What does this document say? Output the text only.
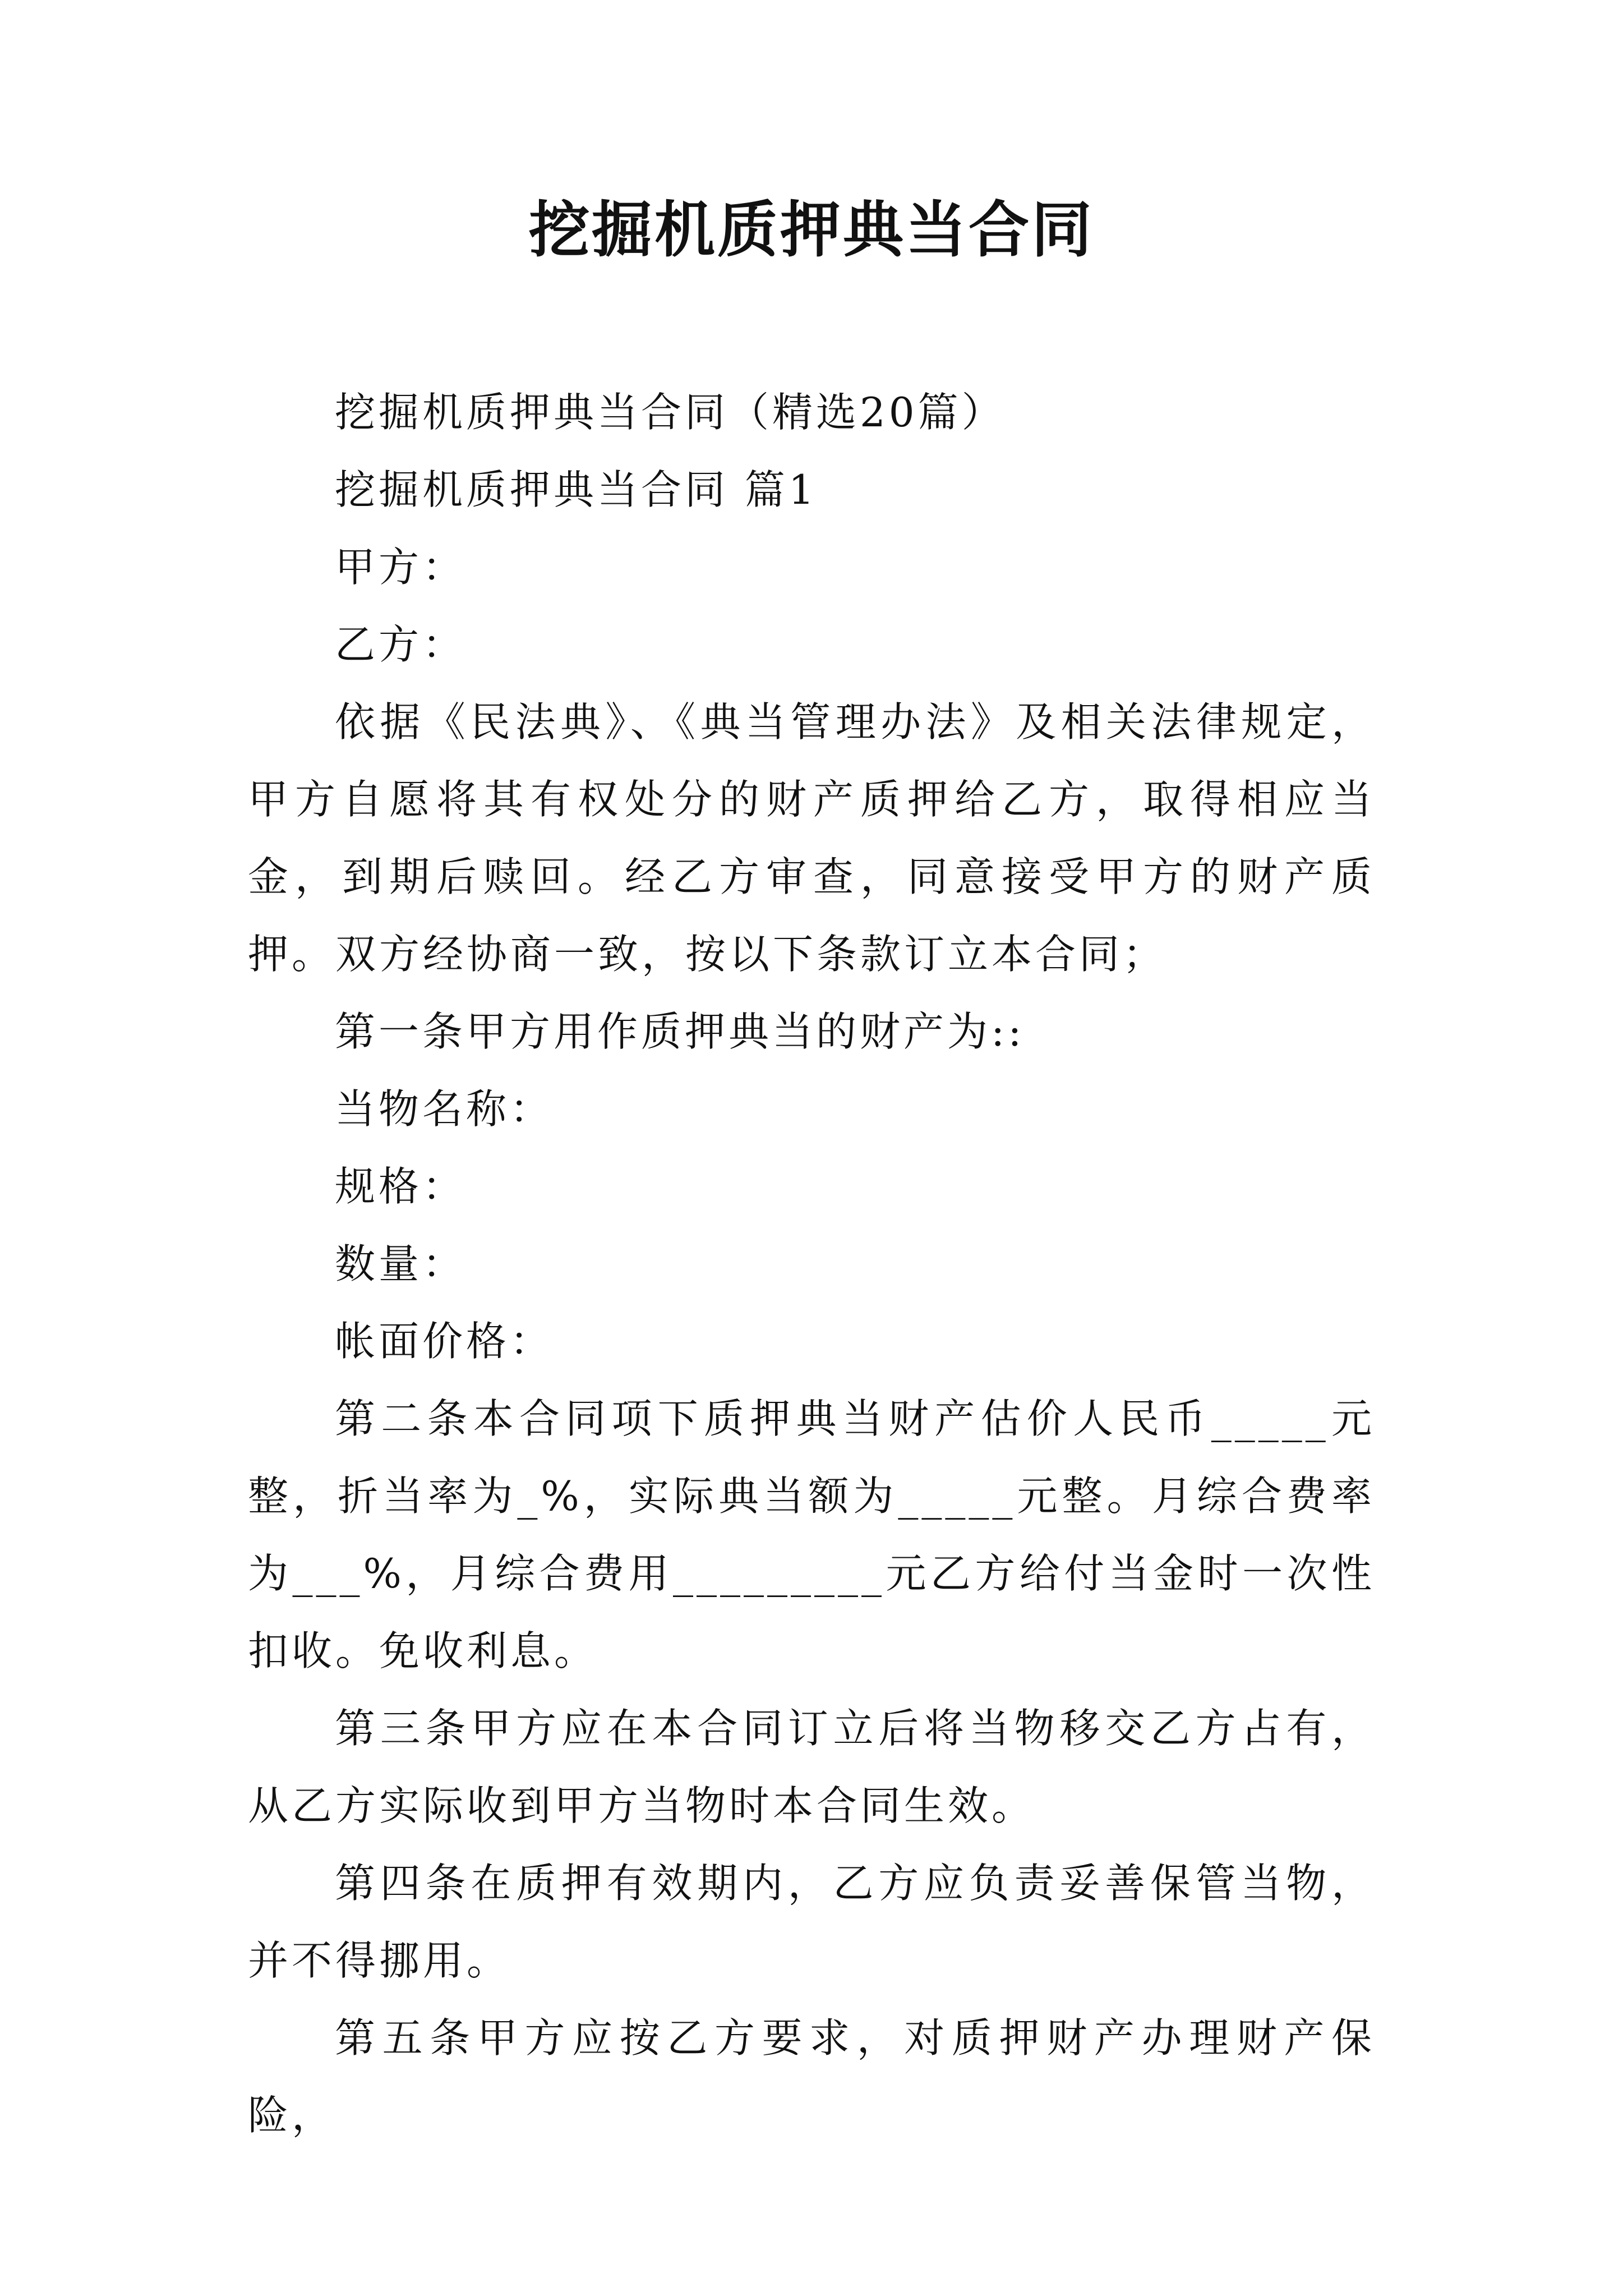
挖掘机质押典当合同

挖掘机质押典当合同（精选20篇）

挖掘机质押典当合同 篇1

甲方：

乙方：

依据《民法典》、《典当管理办法》及相关法律规定，甲方自愿将其有权处分的财产质押给乙方，取得相应当金，到期后赎回。经乙方审查，同意接受甲方的财产质押。双方经协商一致，按以下条款订立本合同；

第一条甲方用作质押典当的财产为::

当物名称：

规格：

数量：

帐面价格：

第二条本合同项下质押典当财产估价人民币_____元整，折当率为_%，实际典当额为_____元整。月综合费率为___%，月综合费用_________元乙方给付当金时一次性扣收。免收利息。

第三条甲方应在本合同订立后将当物移交乙方占有，从乙方实际收到甲方当物时本合同生效。

第四条在质押有效期内，乙方应负责妥善保管当物，并不得挪用。

第五条甲方应按乙方要求，对质押财产办理财产保险，
